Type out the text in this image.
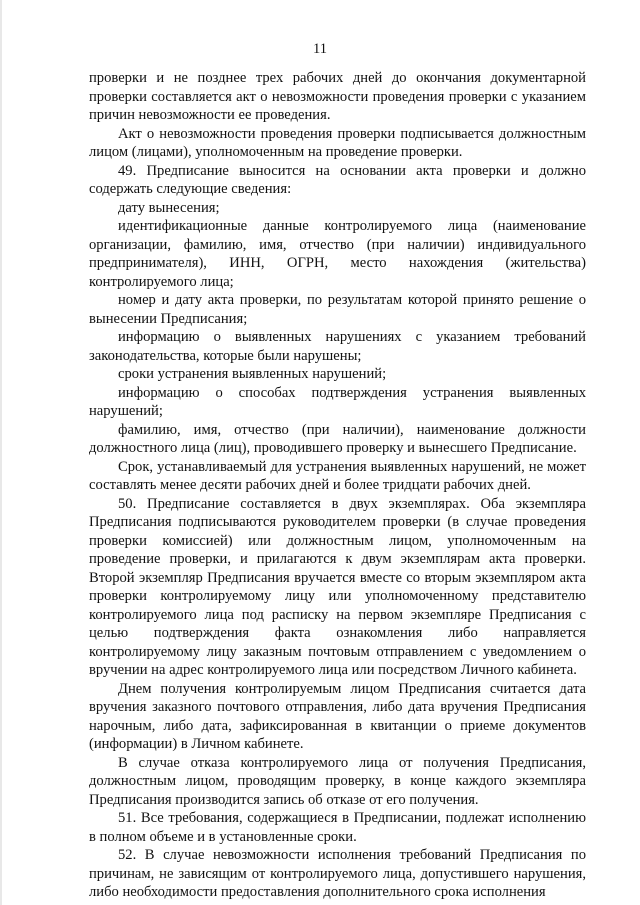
11

проверки и не позднее трех рабочих дней до окончания документарной проверки составляется акт о невозможности проведения проверки с указанием причин невозможности ее проведения.

Акт о невозможности проведения проверки подписывается должностным лицом (лицами), уполномоченным на проведение проверки.

49. Предписание выносится на основании акта проверки и должно содержать следующие сведения:

дату вынесения;

идентификационные данные контролируемого лица (наименование организации, фамилию, имя, отчество (при наличии) индивидуального предпринимателя), ИНН, ОГРН, место нахождения (жительства) контролируемого лица;

номер и дату акта проверки, по результатам которой принято решение о вынесении Предписания;

информацию о выявленных нарушениях с указанием требований законодательства, которые были нарушены;

сроки устранения выявленных нарушений;

информацию о способах подтверждения устранения выявленных нарушений;

фамилию, имя, отчество (при наличии), наименование должности должностного лица (лиц), проводившего проверку и вынесшего Предписание.

Срок, устанавливаемый для устранения выявленных нарушений, не может составлять менее десяти рабочих дней и более тридцати рабочих дней.

50. Предписание составляется в двух экземплярах. Оба экземпляра Предписания подписываются руководителем проверки (в случае проведения проверки комиссией) или должностным лицом, уполномоченным на проведение проверки, и прилагаются к двум экземплярам акта проверки. Второй экземпляр Предписания вручается вместе со вторым экземпляром акта проверки контролируемому лицу или уполномоченному представителю контролируемого лица под расписку на первом экземпляре Предписания с целью подтверждения факта ознакомления либо направляется контролируемому лицу заказным почтовым отправлением с уведомлением о вручении на адрес контролируемого лица или посредством Личного кабинета.

Днем получения контролируемым лицом Предписания считается дата вручения заказного почтового отправления, либо дата вручения Предписания нарочным, либо дата, зафиксированная в квитанции о приеме документов (информации) в Личном кабинете.

В случае отказа контролируемого лица от получения Предписания, должностным лицом, проводящим проверку, в конце каждого экземпляра Предписания производится запись об отказе от его получения.

51. Все требования, содержащиеся в Предписании, подлежат исполнению в полном объеме и в установленные сроки.

52. В случае невозможности исполнения требований Предписания по причинам, не зависящим от контролируемого лица, допустившего нарушения, либо необходимости предоставления дополнительного срока исполнения
